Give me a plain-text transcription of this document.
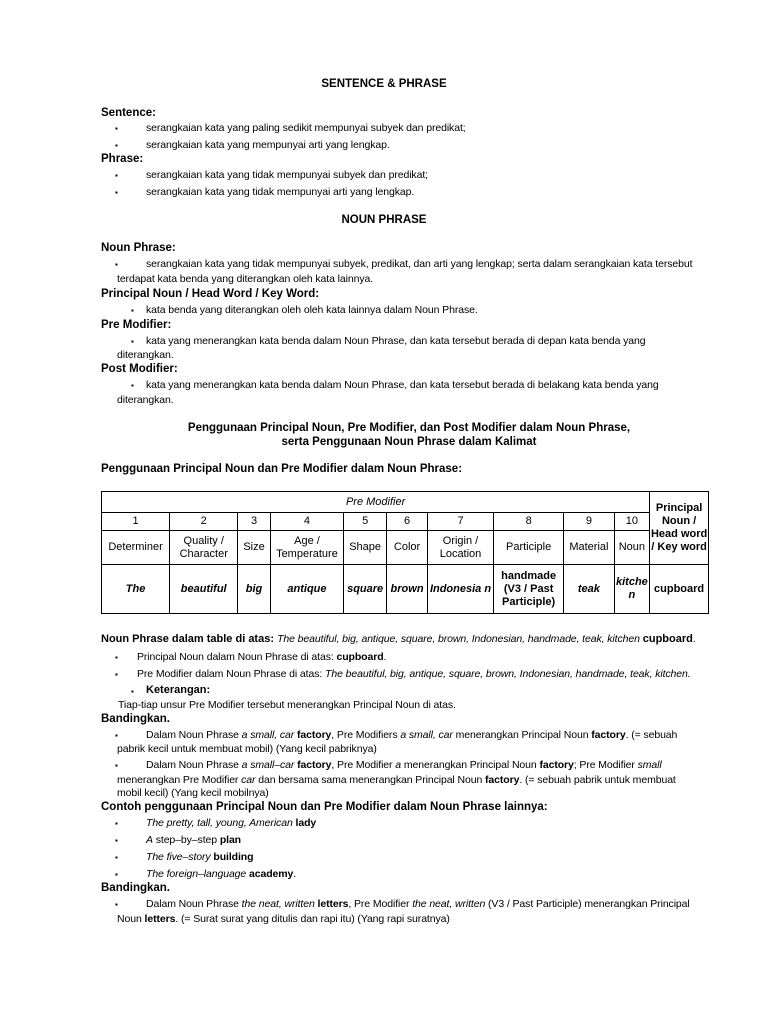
SENTENCE & PHRASE
Sentence:
▪	serangkaian kata yang paling sedikit mempunyai subyek dan predikat;
▪	serangkaian kata yang mempunyai arti yang lengkap.
Phrase:
▪	serangkaian kata yang tidak mempunyai subyek dan predikat;
▪	serangkaian kata yang tidak mempunyai arti yang lengkap.
NOUN PHRASE
Noun Phrase:
▪	serangkaian kata yang tidak mempunyai subyek, predikat, dan arti yang lengkap; serta dalam serangkaian kata tersebut
terdapat kata benda yang diterangkan oleh kata lainnya.
Principal Noun / Head Word / Key Word:
▪ kata benda yang diterangkan oleh oleh kata lainnya dalam Noun Phrase.
Pre Modifier:
▪ kata yang menerangkan kata benda dalam Noun Phrase, dan kata tersebut berada di depan kata benda yang
diterangkan.
Post Modifier:
▪ kata yang menerangkan kata benda dalam Noun Phrase, dan kata tersebut berada di belakang kata benda yang
diterangkan.
Penggunaan Principal Noun, Pre Modifier, dan Post Modifier dalam Noun Phrase,
serta Penggunaan Noun Phrase dalam Kalimat
Penggunaan Principal Noun dan Pre Modifier dalam Noun Phrase:
Pre Modifier										Principal Noun / Head word / Key word
1	2	3	4	5	6	7	8	9	10	
Determiner	Quality / Character	Size	Age / Temperature	Shape	Color	Origin / Location	Participle	Material	Noun	
The	beautiful	big	antique	square	brown	Indonesia n	handmade (V3 / Past Participle)	teak	kitche n	cupboard
Noun Phrase dalam table di atas: The beautiful, big, antique, square, brown, Indonesian, handmade, teak, kitchen cupboard.
▪ Principal Noun dalam Noun Phrase di atas: cupboard.
▪ Pre Modifier dalam Noun Phrase di atas: The beautiful, big, antique, square, brown, Indonesian, handmade, teak, kitchen.
▪ Keterangan:
Tiap-tiap unsur Pre Modifier tersebut menerangkan Principal Noun di atas.
Bandingkan.
▪	Dalam Noun Phrase a small, car factory, Pre Modifiers a small, car menerangkan Principal Noun factory. (= sebuah
pabrik kecil untuk membuat mobil) (Yang kecil pabriknya)
▪	Dalam Noun Phrase a small–car factory, Pre Modifier a menerangkan Principal Noun factory; Pre Modifier small
menerangkan Pre Modifier car dan bersama sama menerangkan Principal Noun factory. (= sebuah pabrik untuk membuat
mobil kecil) (Yang kecil mobilnya)
Contoh penggunaan Principal Noun dan Pre Modifier dalam Noun Phrase lainnya:
▪	The pretty, tall, young, American lady
▪	A step–by–step plan
▪	The five–story building
▪	The foreign–language academy.
Bandingkan.
▪	Dalam Noun Phrase the neat, written letters, Pre Modifier the neat, written (V3 / Past Participle) menerangkan Principal
Noun letters. (= Surat surat yang ditulis dan rapi itu) (Yang rapi suratnya)
